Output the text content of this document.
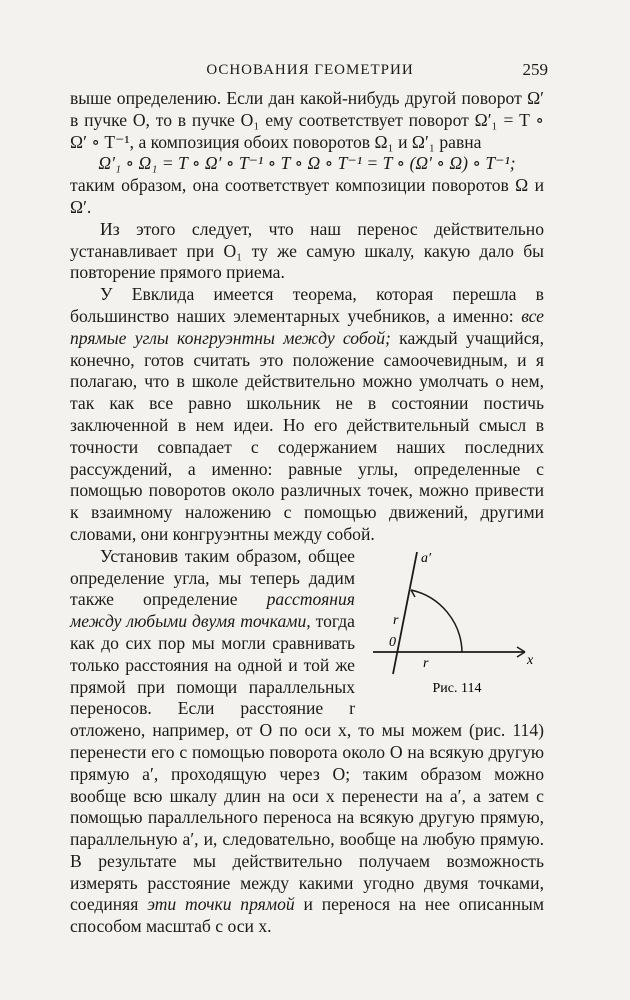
ОСНОВАНИЯ ГЕОМЕТРИИ	259

выше определению. Если дан какой-нибудь другой поворот Ω′ в пучке O, то в пучке O₁ ему соответствует поворот Ω′₁ = T ∘ Ω′ ∘ T⁻¹, а композиция обоих поворотов Ω₁ и Ω′₁ равна

Ω′₁ ∘ Ω₁ = T ∘ Ω′ ∘ T⁻¹ ∘ T ∘ Ω ∘ T⁻¹ = T ∘ (Ω′ ∘ Ω) ∘ T⁻¹;

таким образом, она соответствует композиции поворотов Ω и Ω′.

Из этого следует, что наш перенос действительно устанавливает при O₁ ту же самую шкалу, какую дало бы повторение прямого приема.

У Евклида имеется теорема, которая перешла в большинство наших элементарных учебников, а именно: все прямые углы конгруэнтны между собой; каждый учащийся, конечно, готов считать это положение самоочевидным, и я полагаю, что в школе действительно можно умолчать о нем, так как все равно школьник не в состоянии постичь заключенной в нем идеи. Но его действительный смысл в точности совпадает с содержанием наших последних рассуждений, а именно: равные углы, определенные с помощью поворотов около различных точек, можно привести к взаимному наложению с помощью движений, другими словами, они конгруэнтны между собой.

a′
0
r
r	x
Рис. 114
Установив таким образом, общее определение угла, мы теперь дадим также определение расстояния между любыми двумя точками, тогда как до сих пор мы могли сравнивать только расстояния на одной и той же прямой при помощи параллельных переносов. Если расстояние r отложено, например, от O по оси x, то мы можем (рис. 114) перенести его с помощью поворота около O на всякую другую прямую a′, проходящую через O; таким образом можно вообще всю шкалу длин на оси x перенести на a′, а затем с помощью параллельного переноса на всякую другую прямую, параллельную a′, и, следовательно, вообще на любую прямую. В результате мы действительно получаем возможность измерять расстояние между какими угодно двумя точками, соединяя эти точки прямой и перенося на нее описанным способом масштаб с оси x.
